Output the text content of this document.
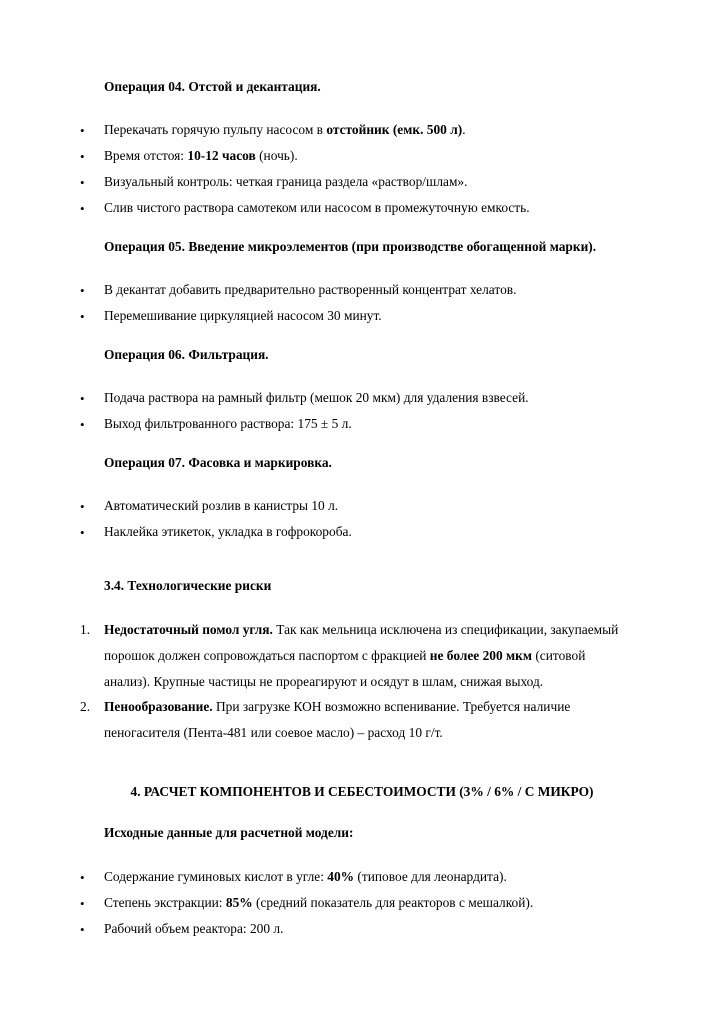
Операция 04. Отстой и декантация.
• Перекачать горячую пульпу насосом в отстойник (емк. 500 л).
• Время отстоя: 10-12 часов (ночь).
• Визуальный контроль: четкая граница раздела «раствор/шлам».
• Слив чистого раствора самотеком или насосом в промежуточную емкость.
Операция 05. Введение микроэлементов (при производстве обогащенной марки).
• В декантат добавить предварительно растворенный концентрат хелатов.
• Перемешивание циркуляцией насосом 30 минут.
Операция 06. Фильтрация.
• Подача раствора на рамный фильтр (мешок 20 мкм) для удаления взвесей.
• Выход фильтрованного раствора: 175 ± 5 л.
Операция 07. Фасовка и маркировка.
• Автоматический розлив в канистры 10 л.
• Наклейка этикеток, укладка в гофрокороба.
3.4. Технологические риски
1. Недостаточный помол угля. Так как мельница исключена из спецификации, закупаемый
порошок должен сопровождаться паспортом с фракцией не более 200 мкм (ситовой
анализ). Крупные частицы не прореагируют и осядут в шлам, снижая выход.
2. Пенообразование. При загрузке КОН возможно вспенивание. Требуется наличие
пеногасителя (Пента-481 или соевое масло) – расход 10 г/т.
4. РАСЧЕТ КОМПОНЕНТОВ И СЕБЕСТОИМОСТИ (3% / 6% / С МИКРО)
Исходные данные для расчетной модели:
• Содержание гуминовых кислот в угле: 40% (типовое для леонардита).
• Степень экстракции: 85% (средний показатель для реакторов с мешалкой).
• Рабочий объем реактора: 200 л.
